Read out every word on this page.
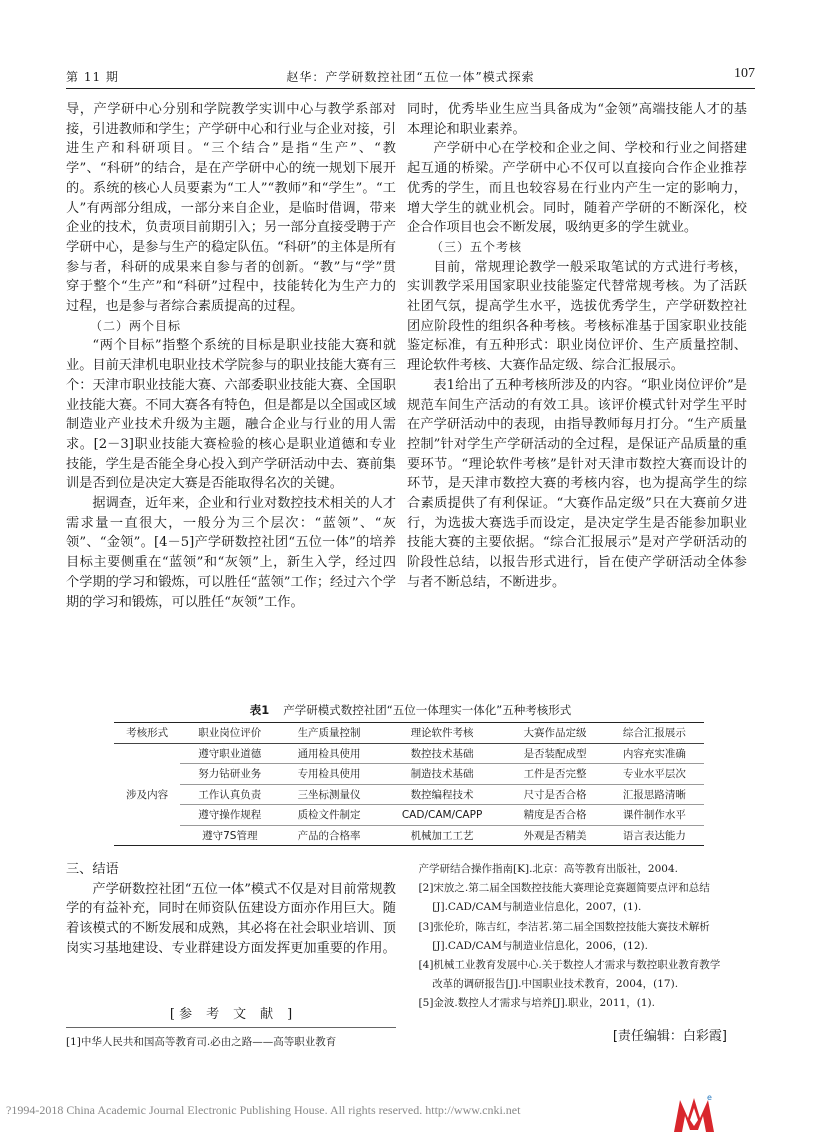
第 11 期	赵华：产学研数控社团“五位一体”模式探索	107

导，产学研中心分别和学院教学实训中心与教学系部对接，引进教师和学生；产学研中心和行业与企业对接，引进生产和科研项目。“三个结合”是指“生产”、“教学”、“科研”的结合，是在产学研中心的统一规划下展开的。系统的核心人员要素为“工人”“教师”和“学生”。“工人”有两部分组成，一部分来自企业，是临时借调，带来企业的技术，负责项目前期引入；另一部分直接受聘于产学研中心，是参与生产的稳定队伍。“科研”的主体是所有参与者，科研的成果来自参与者的创新。“教”与“学”贯穿于整个“生产”和“科研”过程中，技能转化为生产力的过程，也是参与者综合素质提高的过程。

（二）两个目标

“两个目标”指整个系统的目标是职业技能大赛和就业。目前天津机电职业技术学院参与的职业技能大赛有三个：天津市职业技能大赛、六部委职业技能大赛、全国职业技能大赛。不同大赛各有特色，但是都是以全国或区域制造业产业技术升级为主题，融合企业与行业的用人需求。[2－3]职业技能大赛检验的核心是职业道德和专业技能，学生是否能全身心投入到产学研活动中去、赛前集训是否到位是决定大赛是否能取得名次的关键。

据调查，近年来，企业和行业对数控技术相关的人才需求量一直很大，一般分为三个层次：“蓝领”、“灰领”、“金领”。[4－5]产学研数控社团“五位一体”的培养目标主要侧重在“蓝领”和“灰领”上，新生入学，经过四个学期的学习和锻炼，可以胜任“蓝领”工作；经过六个学期的学习和锻炼，可以胜任“灰领”工作。

同时，优秀毕业生应当具备成为“金领”高端技能人才的基本理论和职业素养。

产学研中心在学校和企业之间、学校和行业之间搭建起互通的桥梁。产学研中心不仅可以直接向合作企业推荐优秀的学生，而且也较容易在行业内产生一定的影响力，增大学生的就业机会。同时，随着产学研的不断深化，校企合作项目也会不断发展，吸纳更多的学生就业。

（三）五个考核

目前，常规理论教学一般采取笔试的方式进行考核，实训教学采用国家职业技能鉴定代替常规考核。为了活跃社团气氛，提高学生水平，选拔优秀学生，产学研数控社团应阶段性的组织各种考核。考核标准基于国家职业技能鉴定标准，有五种形式：职业岗位评价、生产质量控制、理论软件考核、大赛作品定级、综合汇报展示。

表1给出了五种考核所涉及的内容。“职业岗位评价”是规范车间生产活动的有效工具。该评价模式针对学生平时在产学研活动中的表现，由指导教师每月打分。“生产质量控制”针对学生产学研活动的全过程，是保证产品质量的重要环节。“理论软件考核”是针对天津市数控大赛而设计的环节，是天津市数控大赛的考核内容，也为提高学生的综合素质提供了有利保证。“大赛作品定级”只在大赛前夕进行，为选拔大赛选手而设定，是决定学生是否能参加职业技能大赛的主要依据。“综合汇报展示”是对产学研活动的阶段性总结，以报告形式进行，旨在使产学研活动全体参与者不断总结，不断进步。

表1 产学研模式数控社团“五位一体理实一体化”五种考核形式
考核形式	职业岗位评价	生产质量控制	理论软件考核	大赛作品定级	综合汇报展示
涉及内容	遵守职业道德	通用检具使用	数控技术基础	是否装配成型	内容充实准确
	努力钻研业务	专用检具使用	制造技术基础	工件是否完整	专业水平层次
	工作认真负责	三坐标测量仪	数控编程技术	尺寸是否合格	汇报思路清晰
	遵守操作规程	质检文件制定	CAD/CAM/CAPP	精度是否合格	课件制作水平
	遵守7S管理	产品的合格率	机械加工工艺	外观是否精美	语言表达能力

三、结语

产学研数控社团“五位一体”模式不仅是对目前常规教学的有益补充，同时在师资队伍建设方面亦作用巨大。随着该模式的不断发展和成熟，其必将在社会职业培训、顶岗实习基地建设、专业群建设方面发挥更加重要的作用。

[ 参考文献]

[1]中华人民共和国高等教育司.必由之路——高等职业教育

产学研结合操作指南[K].北京：高等教育出版社，2004.

[2]宋放之.第二届全国数控技能大赛理论竞赛题简要点评和总结[J].CAD/CAM与制造业信息化，2007，(1).

[3]张伦玠，陈吉红，李洁茗.第二届全国数控技能大赛技术解析[J].CAD/CAM与制造业信息化，2006，(12).

[4]机械工业教育发展中心.关于数控人才需求与数控职业教育教学改革的调研报告[J].中国职业技术教育，2004，(17).

[5]金波.数控人才需求与培养[J].职业，2011，(1).

[责任编辑：白彩霞]
?1994-2018 China Academic Journal Electronic Publishing House. All rights reserved. http://www.cnki.net
e
